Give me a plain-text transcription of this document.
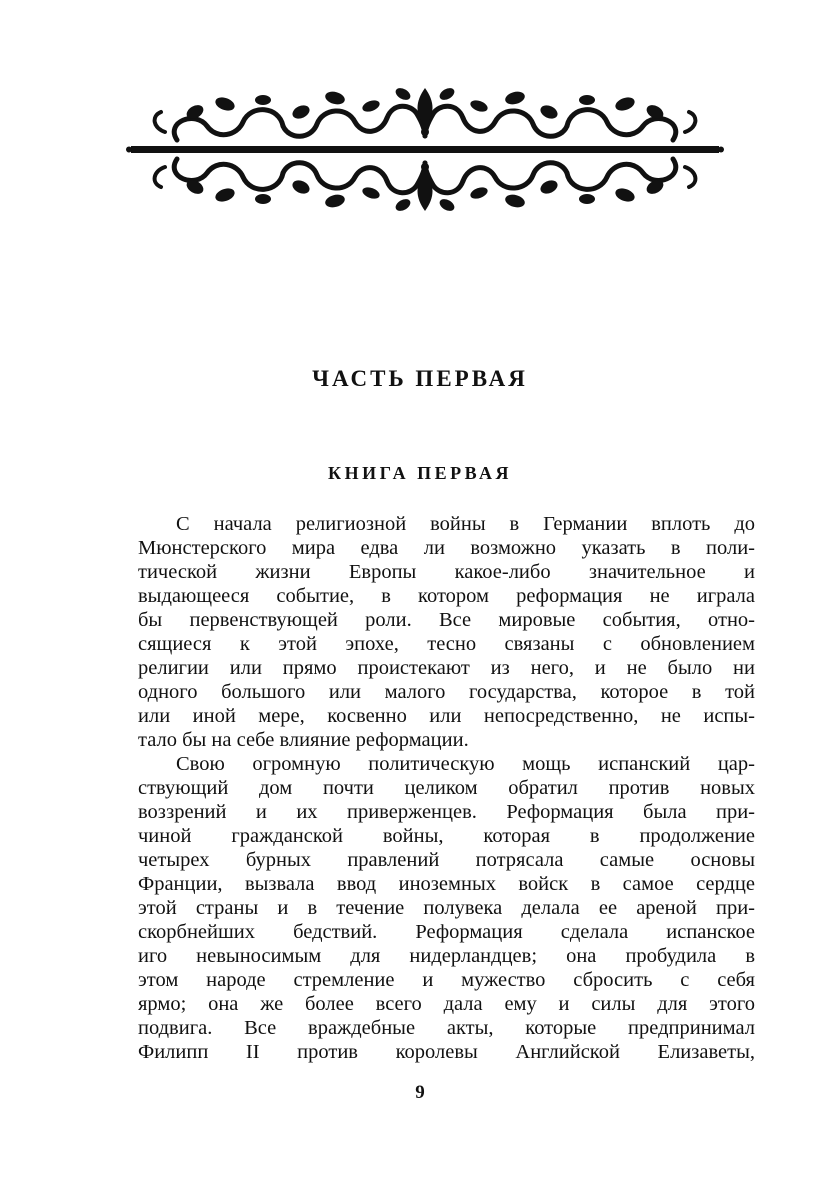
ЧАСТЬ ПЕРВАЯ
КНИГА ПЕРВАЯ
С начала религиозной войны в Германии вплоть до
Мюнстерского мира едва ли возможно указать в поли-
тической жизни Европы какое-либо значительное и
выдающееся событие, в котором реформация не играла
бы первенствующей роли. Все мировые события, отно-
сящиеся к этой эпохе, тесно связаны с обновлением
религии или прямо проистекают из него, и не было ни
одного большого или малого государства, которое в той
или иной мере, косвенно или непосредственно, не испы-
тало бы на себе влияние реформации.
Свою огромную политическую мощь испанский цар-
ствующий дом почти целиком обратил против новых
воззрений и их приверженцев. Реформация была при-
чиной гражданской войны, которая в продолжение
четырех бурных правлений потрясала самые основы
Франции, вызвала ввод иноземных войск в самое сердце
этой страны и в течение полувека делала ее ареной при-
скорбнейших бедствий. Реформация сделала испанское
иго невыносимым для нидерландцев; она пробудила в
этом народе стремление и мужество сбросить с себя
ярмо; она же более всего дала ему и силы для этого
подвига. Все враждебные акты, которые предпринимал
Филипп II против королевы Английской Елизаветы,
9
